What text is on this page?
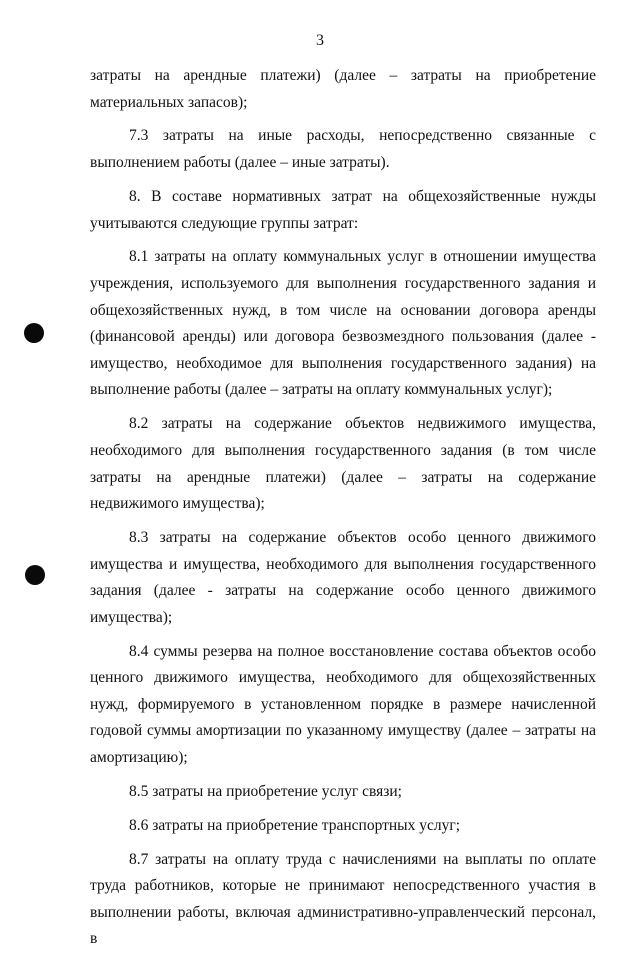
3

затраты на арендные платежи) (далее – затраты на приобретение материальных запасов);

7.3 затраты на иные расходы, непосредственно связанные с выполнением работы (далее – иные затраты).

8. В составе нормативных затрат на общехозяйственные нужды учитываются следующие группы затрат:

8.1 затраты на оплату коммунальных услуг в отношении имущества учреждения, используемого для выполнения государственного задания и общехозяйственных нужд, в том числе на основании договора аренды (финансовой аренды) или договора безвозмездного пользования (далее - имущество, необходимое для выполнения государственного задания) на выполнение работы (далее – затраты на оплату коммунальных услуг);

8.2 затраты на содержание объектов недвижимого имущества, необходимого для выполнения государственного задания (в том числе затраты на арендные платежи) (далее – затраты на содержание недвижимого имущества);

8.3 затраты на содержание объектов особо ценного движимого имущества и имущества, необходимого для выполнения государственного задания (далее - затраты на содержание особо ценного движимого имущества);

8.4 суммы резерва на полное восстановление состава объектов особо ценного движимого имущества, необходимого для общехозяйственных нужд, формируемого в установленном порядке в размере начисленной годовой суммы амортизации по указанному имуществу (далее – затраты на амортизацию);

8.5 затраты на приобретение услуг связи;

8.6 затраты на приобретение транспортных услуг;

8.7 затраты на оплату труда с начислениями на выплаты по оплате труда работников, которые не принимают непосредственного участия в выполнении работы, включая административно-управленческий персонал, в
